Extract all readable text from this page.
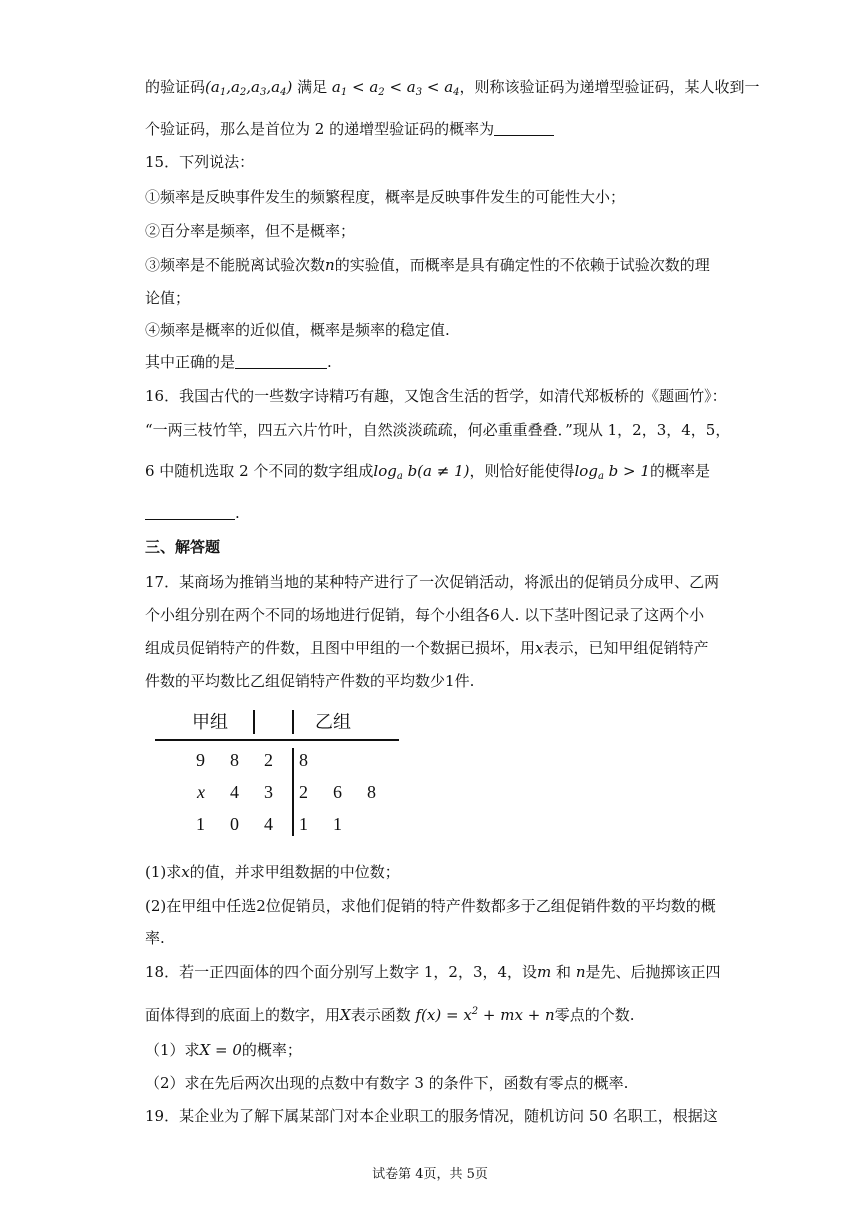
的验证码$(a_1,a_2,a_3,a_4)$ 满足 $a_1 < a_2 < a_3 < a_4$，则称该验证码为递增型验证码，某人收到一
个验证码，那么是首位为 2 的递增型验证码的概率为
15．下列说法：
①频率是反映事件发生的频繁程度，概率是反映事件发生的可能性大小；
②百分率是频率，但不是概率；
③频率是不能脱离试验次数n的实验值，而概率是具有确定性的不依赖于试验次数的理
论值；
④频率是概率的近似值，概率是频率的稳定值.
其中正确的是	.
16．我国古代的一些数字诗精巧有趣，又饱含生活的哲学，如清代郑板桥的《题画竹》：
“一两三枝竹竿，四五六片竹叶，自然淡淡疏疏，何必重重叠叠．”现从 1，2，3，4，5，
6 中随机选取 2 个不同的数字组成$\log_a b(a \ne 1)$，则恰好能使得$\log_a b > 1$的概率是
.
三、解答题
17．某商场为推销当地的某种特产进行了一次促销活动，将派出的促销员分成甲、乙两
个小组分别在两个不同的场地进行促销，每个小组各6人. 以下茎叶图记录了这两个小
组成员促销特产的件数，且图中甲组的一个数据已损坏，用x表示，已知甲组促销特产
件数的平均数比乙组促销特产件数的平均数少1件.
甲组	乙组
9 8 2 8
x 4 3 2 6 8
1 0 4 1 1
(1)求x的值，并求甲组数据的中位数；
(2)在甲组中任选2位促销员，求他们促销的特产件数都多于乙组促销件数的平均数的概
率.
18．若一正四面体的四个面分别写上数字 1，2，3，4，设m 和 n是先、后抛掷该正四
面体得到的底面上的数字，用X表示函数 $f(x) = x^2$ + mx + n零点的个数.
（1）求X = 0的概率；
（2）求在先后两次出现的点数中有数字 3 的条件下，函数有零点的概率.
19．某企业为了解下属某部门对本企业职工的服务情况，随机访问 50 名职工，根据这
试卷第 4页，共 5页
